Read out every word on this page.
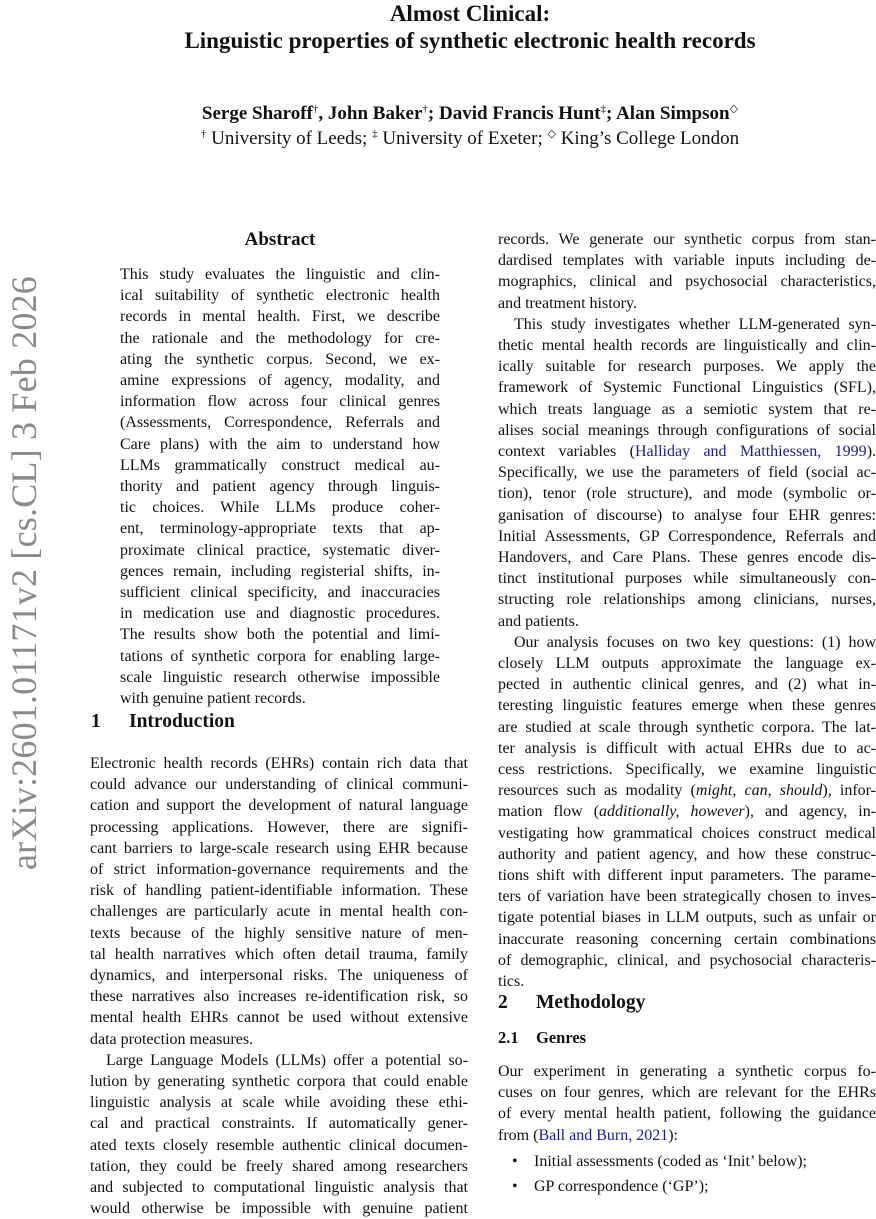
arXiv:2601.01171v2 [cs.CL] 3 Feb 2026
Almost Clinical:
Linguistic properties of synthetic electronic health records
Serge Sharoff†, John Baker†; David Francis Hunt‡; Alan Simpson◇
† University of Leeds; ‡ University of Exeter; ◇ King’s College London
Abstract
This study evaluates the linguistic and clin-
ical suitability of synthetic electronic health
records in mental health. First, we describe
the rationale and the methodology for cre-
ating the synthetic corpus. Second, we ex-
amine expressions of agency, modality, and
information flow across four clinical genres
(Assessments, Correspondence, Referrals and
Care plans) with the aim to understand how
LLMs grammatically construct medical au-
thority and patient agency through linguis-
tic choices. While LLMs produce coher-
ent, terminology-appropriate texts that ap-
proximate clinical practice, systematic diver-
gences remain, including registerial shifts, in-
sufficient clinical specificity, and inaccuracies
in medication use and diagnostic procedures.
The results show both the potential and limi-
tations of synthetic corpora for enabling large-
scale linguistic research otherwise impossible
with genuine patient records.
1 Introduction
Electronic health records (EHRs) contain rich data that
could advance our understanding of clinical communi-
cation and support the development of natural language
processing applications. However, there are signifi-
cant barriers to large-scale research using EHR because
of strict information-governance requirements and the
risk of handling patient-identifiable information. These
challenges are particularly acute in mental health con-
texts because of the highly sensitive nature of men-
tal health narratives which often detail trauma, family
dynamics, and interpersonal risks. The uniqueness of
these narratives also increases re-identification risk, so
mental health EHRs cannot be used without extensive
data protection measures.
Large Language Models (LLMs) offer a potential so-
lution by generating synthetic corpora that could enable
linguistic analysis at scale while avoiding these ethi-
cal and practical constraints. If automatically gener-
ated texts closely resemble authentic clinical documen-
tation, they could be freely shared among researchers
and subjected to computational linguistic analysis that
would otherwise be impossible with genuine patient
records. We generate our synthetic corpus from stan-
dardised templates with variable inputs including de-
mographics, clinical and psychosocial characteristics,
and treatment history.
This study investigates whether LLM-generated syn-
thetic mental health records are linguistically and clin-
ically suitable for research purposes. We apply the
framework of Systemic Functional Linguistics (SFL),
which treats language as a semiotic system that re-
alises social meanings through configurations of social
context variables (Halliday and Matthiessen, 1999).
Specifically, we use the parameters of field (social ac-
tion), tenor (role structure), and mode (symbolic or-
ganisation of discourse) to analyse four EHR genres:
Initial Assessments, GP Correspondence, Referrals and
Handovers, and Care Plans. These genres encode dis-
tinct institutional purposes while simultaneously con-
structing role relationships among clinicians, nurses,
and patients.
Our analysis focuses on two key questions: (1) how
closely LLM outputs approximate the language ex-
pected in authentic clinical genres, and (2) what in-
teresting linguistic features emerge when these genres
are studied at scale through synthetic corpora. The lat-
ter analysis is difficult with actual EHRs due to ac-
cess restrictions. Specifically, we examine linguistic
resources such as modality (might, can, should), infor-
mation flow (additionally, however), and agency, in-
vestigating how grammatical choices construct medical
authority and patient agency, and how these construc-
tions shift with different input parameters. The parame-
ters of variation have been strategically chosen to inves-
tigate potential biases in LLM outputs, such as unfair or
inaccurate reasoning concerning certain combinations
of demographic, clinical, and psychosocial characteris-
tics.
2 Methodology
2.1 Genres
Our experiment in generating a synthetic corpus fo-
cuses on four genres, which are relevant for the EHRs
of every mental health patient, following the guidance
from (Ball and Burn, 2021):
• Initial assessments (coded as ‘Init’ below);
• GP correspondence (‘GP’);
